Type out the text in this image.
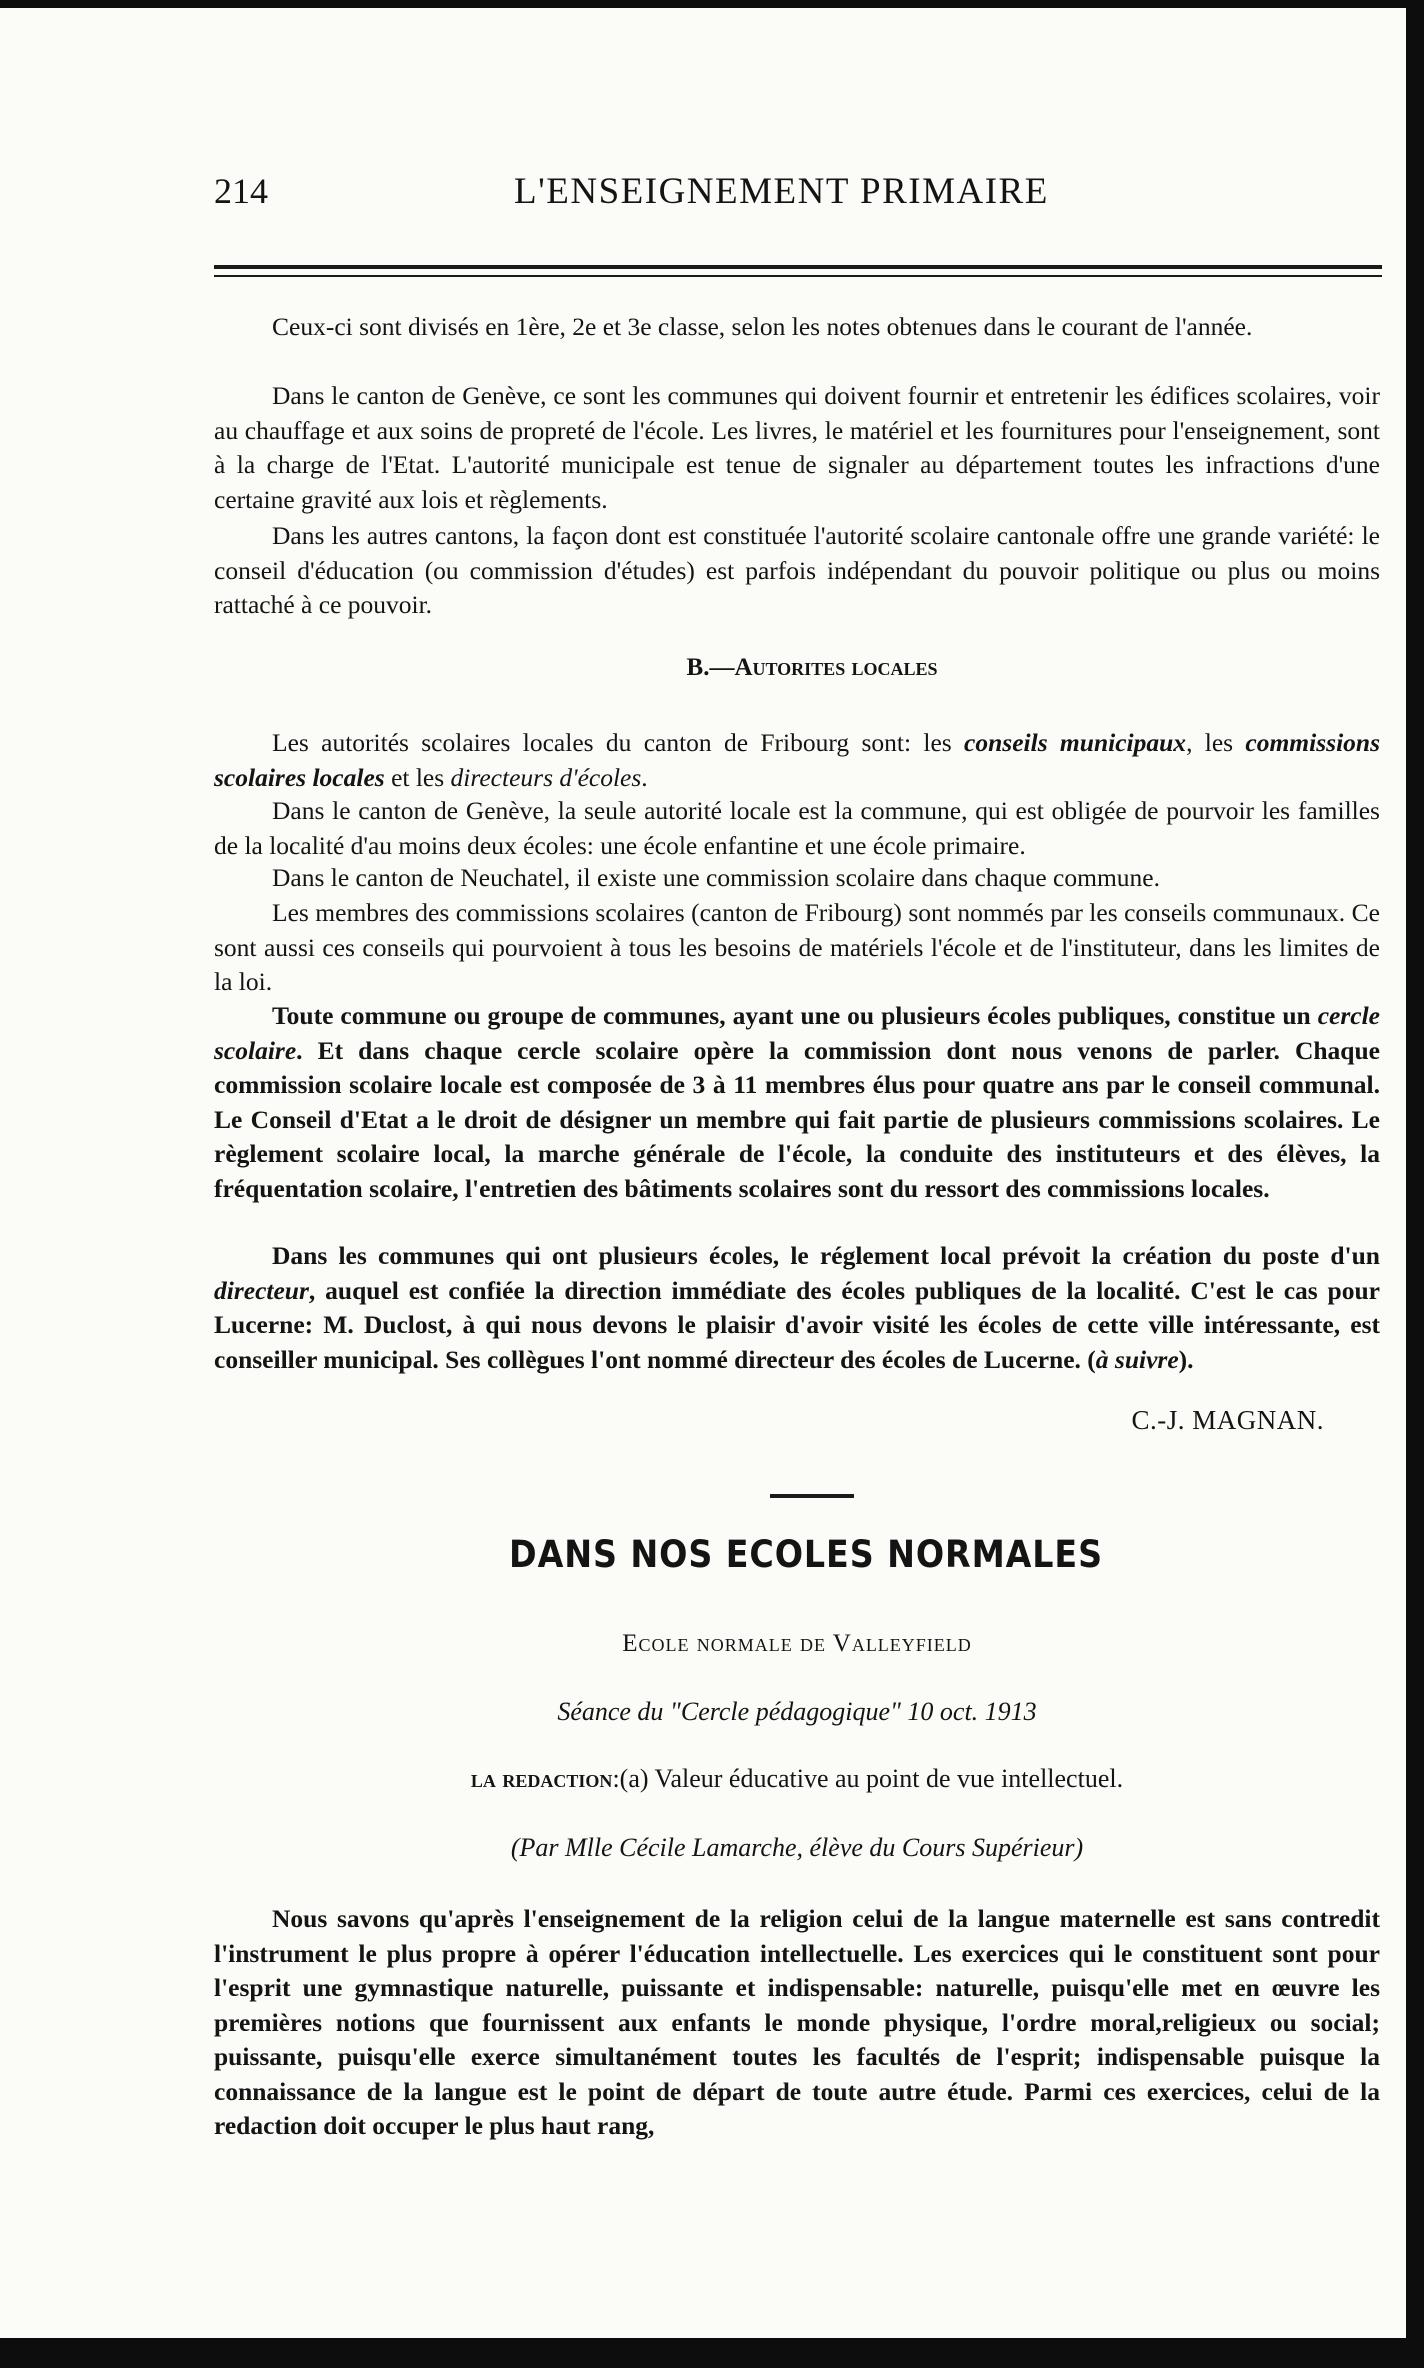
214	L'ENSEIGNEMENT PRIMAIRE

Ceux-ci sont divisés en 1ère, 2e et 3e classe, selon les notes obtenues dans le courant de l'année.

Dans le canton de Genève, ce sont les communes qui doivent fournir et entretenir les édifices scolaires, voir au chauffage et aux soins de propreté de l'école. Les livres, le matériel et les fournitures pour l'enseignement, sont à la charge de l'Etat. L'autorité municipale est tenue de signaler au département toutes les infractions d'une certaine gravité aux lois et règlements.

Dans les autres cantons, la façon dont est constituée l'autorité scolaire cantonale offre une grande variété: le conseil d'éducation (ou commission d'études) est parfois indépendant du pouvoir politique ou plus ou moins rattaché à ce pouvoir.

B.—Autorites locales

Les autorités scolaires locales du canton de Fribourg sont: les conseils municipaux, les commissions scolaires locales et les directeurs d'écoles.

Dans le canton de Genève, la seule autorité locale est la commune, qui est obligée de pourvoir les familles de la localité d'au moins deux écoles: une école enfantine et une école primaire.

Dans le canton de Neuchatel, il existe une commission scolaire dans chaque commune.

Les membres des commissions scolaires (canton de Fribourg) sont nommés par les conseils communaux. Ce sont aussi ces conseils qui pourvoient à tous les besoins de matériels l'école et de l'instituteur, dans les limites de la loi.

Toute commune ou groupe de communes, ayant une ou plusieurs écoles publiques, constitue un cercle scolaire. Et dans chaque cercle scolaire opère la commission dont nous venons de parler. Chaque commission scolaire locale est composée de 3 à 11 membres élus pour quatre ans par le conseil communal. Le Conseil d'Etat a le droit de désigner un membre qui fait partie de plusieurs commissions scolaires. Le règlement scolaire local, la marche générale de l'école, la conduite des instituteurs et des élèves, la fréquentation scolaire, l'entretien des bâtiments scolaires sont du ressort des commissions locales.

Dans les communes qui ont plusieurs écoles, le réglement local prévoit la création du poste d'un directeur, auquel est confiée la direction immédiate des écoles publiques de la localité. C'est le cas pour Lucerne: M. Duclost, à qui nous devons le plaisir d'avoir visité les écoles de cette ville intéressante, est conseiller municipal. Ses collègues l'ont nommé directeur des écoles de Lucerne. (à suivre).

C.-J. MAGNAN.

DANS NOS ECOLES NORMALES

Ecole normale de Valleyfield

Séance du "Cercle pédagogique" 10 oct. 1913

la redaction:(a) Valeur éducative au point de vue intellectuel.

(Par Mlle Cécile Lamarche, élève du Cours Supérieur)

Nous savons qu'après l'enseignement de la religion celui de la langue maternelle est sans contredit l'instrument le plus propre à opérer l'éducation intellectuelle. Les exercices qui le constituent sont pour l'esprit une gymnastique naturelle, puissante et indispensable: naturelle, puisqu'elle met en œuvre les premières notions que fournissent aux enfants le monde physique, l'ordre moral,religieux ou social; puissante, puisqu'elle exerce simultanément toutes les facultés de l'esprit; indispensable puisque la connaissance de la langue est le point de départ de toute autre étude. Parmi ces exercices, celui de la redaction doit occuper le plus haut rang,
